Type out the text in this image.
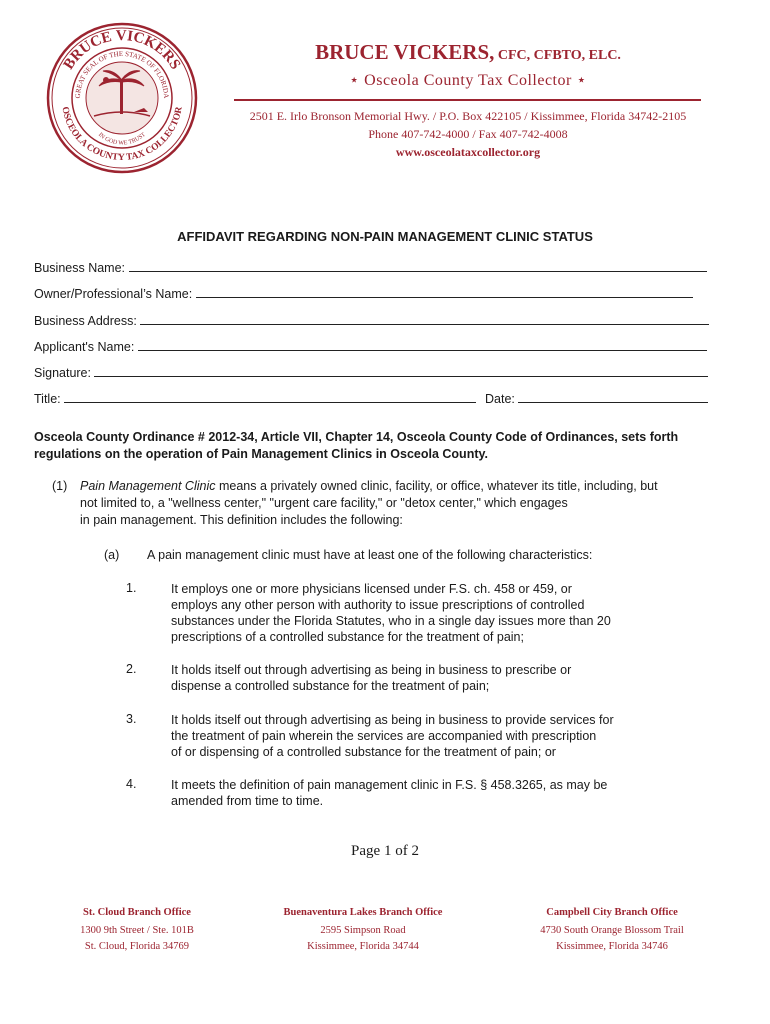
BRUCE VICKERS
GREAT SEAL OF THE STATE OF FLORIDA
OSCEOLA COUNTY TAX COLLECTOR
IN GOD WE TRUST
BRUCE VICKERS, CFC, CFBTO, ELC.
⋆ Osceola County Tax Collector ⋆
2501 E. Irlo Bronson Memorial Hwy. / P.O. Box 422105 / Kissimmee, Florida 34742-2105
Phone 407-742-4000 / Fax 407-742-4008
www.osceolataxcollector.org
AFFIDAVIT REGARDING NON-PAIN MANAGEMENT CLINIC STATUS
Business Name:
Owner/Professional’s Name:
Business Address:
Applicant's Name:
Signature:
Title:	Date:
Osceola County Ordinance # 2012-34, Article VII, Chapter 14, Osceola County Code of Ordinances, sets forth regulations on the operation of Pain Management Clinics in Osceola County.
(1) Pain Management Clinic means a privately owned clinic, facility, or office, whatever its title, including, but
not limited to, a "wellness center," "urgent care facility," or "detox center," which engages
in pain management. This definition includes the following:
(a) A pain management clinic must have at least one of the following characteristics:
1.	It employs one or more physicians licensed under F.S. ch. 458 or 459, or
employs any other person with authority to issue prescriptions of controlled
substances under the Florida Statutes, who in a single day issues more than 20
prescriptions of a controlled substance for the treatment of pain;
2.	It holds itself out through advertising as being in business to prescribe or
dispense a controlled substance for the treatment of pain;
3.	It holds itself out through advertising as being in business to provide services for
the treatment of pain wherein the services are accompanied with prescription
of or dispensing of a controlled substance for the treatment of pain; or
4.	It meets the definition of pain management clinic in F.S. § 458.3265, as may be
amended from time to time.
Page 1 of 2
St. Cloud Branch Office
1300 9th Street / Ste. 101B
St. Cloud, Florida 34769
Buenaventura Lakes Branch Office
2595 Simpson Road
Kissimmee, Florida 34744
Campbell City Branch Office
4730 South Orange Blossom Trail
Kissimmee, Florida 34746
